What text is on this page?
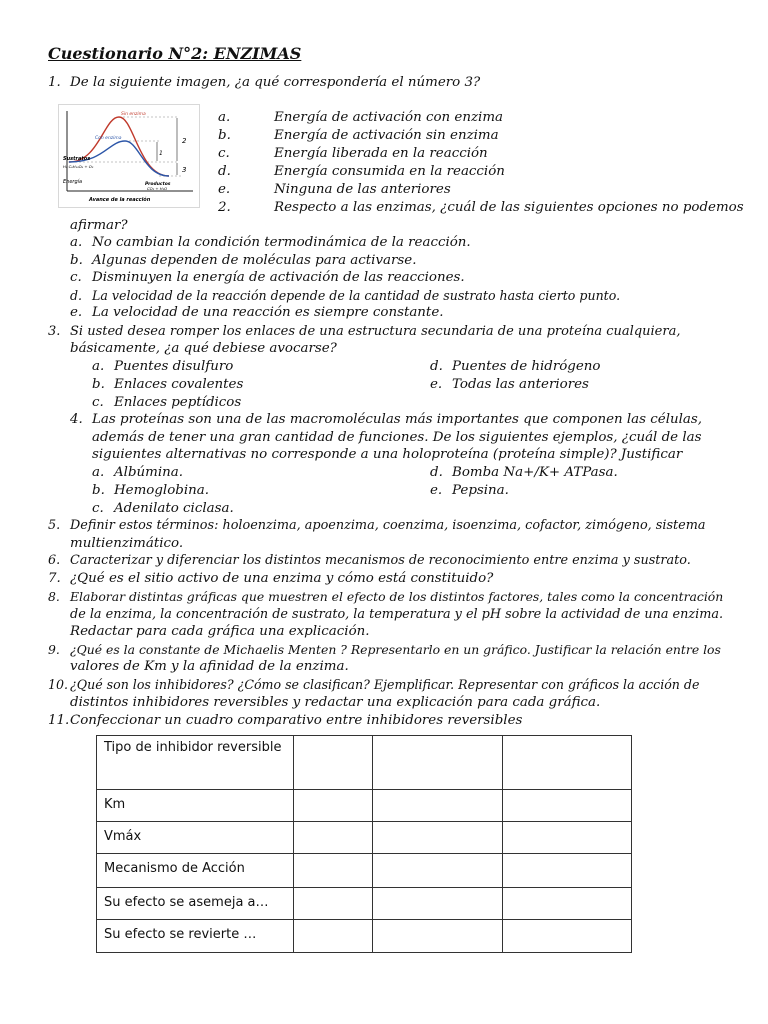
Cuestionario N°2: ENZIMAS
1. De la siguiente imagen, ¿a qué correspondería el número 3?
Sin enzima
Con enzima	2
1
3
Sustratos
H₂ C₆H₁₂O₆ + O₂
Energía	Productos
CO₂ + H₂O
Avance de la reacción
a.	Energía de activación con enzima
b.	Energía de activación sin enzima
c.	Energía liberada en la reacción
d.	Energía consumida en la reacción
e.	Ninguna de las anteriores
2.	Respecto a las enzimas, ¿cuál de las siguientes opciones no podemos
afirmar?
a. No cambian la condición termodinámica de la reacción.
b. Algunas dependen de moléculas para activarse.
c. Disminuyen la energía de activación de las reacciones.
d. La velocidad de la reacción depende de la cantidad de sustrato hasta cierto punto.
e. La velocidad de una reacción es siempre constante.
3. Si usted desea romper los enlaces de una estructura secundaria de una proteína cualquiera,
básicamente, ¿a qué debiese avocarse?
a. Puentes disulfuro
b. Enlaces covalentes
c. Enlaces peptídicos
d. Puentes de hidrógeno
e. Todas las anteriores
4. Las proteínas son una de las macromoléculas más importantes que componen las células,
además de tener una gran cantidad de funciones. De los siguientes ejemplos, ¿cuál de las
siguientes alternativas no corresponde a una holoproteína (proteína simple)? Justificar
a. Albúmina.
b. Hemoglobina.
c. Adenilato ciclasa.
d. Bomba Na+/K+ ATPasa.
e. Pepsina.
5. Definir estos términos: holoenzima, apoenzima, coenzima, isoenzima, cofactor, zimógeno, sistema
multienzimático.
6. Caracterizar y diferenciar los distintos mecanismos de reconocimiento entre enzima y sustrato.
7. ¿Qué es el sitio activo de una enzima y cómo está constituido?
8. Elaborar distintas gráficas que muestren el efecto de los distintos factores, tales como la concentración
de la enzima, la concentración de sustrato, la temperatura y el pH sobre la actividad de una enzima.
Redactar para cada gráfica una explicación.
9. ¿Qué es la constante de Michaelis Menten ? Representarlo en un gráfico. Justificar la relación entre los
valores de Km y la afinidad de la enzima.
10. ¿Qué son los inhibidores? ¿Cómo se clasifican? Ejemplificar. Representar con gráficos la acción de
distintos inhibidores reversibles y redactar una explicación para cada gráfica.
11.Confeccionar un cuadro comparativo entre inhibidores reversibles
Tipo de inhibidor reversible			
Km			
Vmáx			
Mecanismo de Acción			
Su efecto se asemeja a…			
Su efecto se revierte …			
